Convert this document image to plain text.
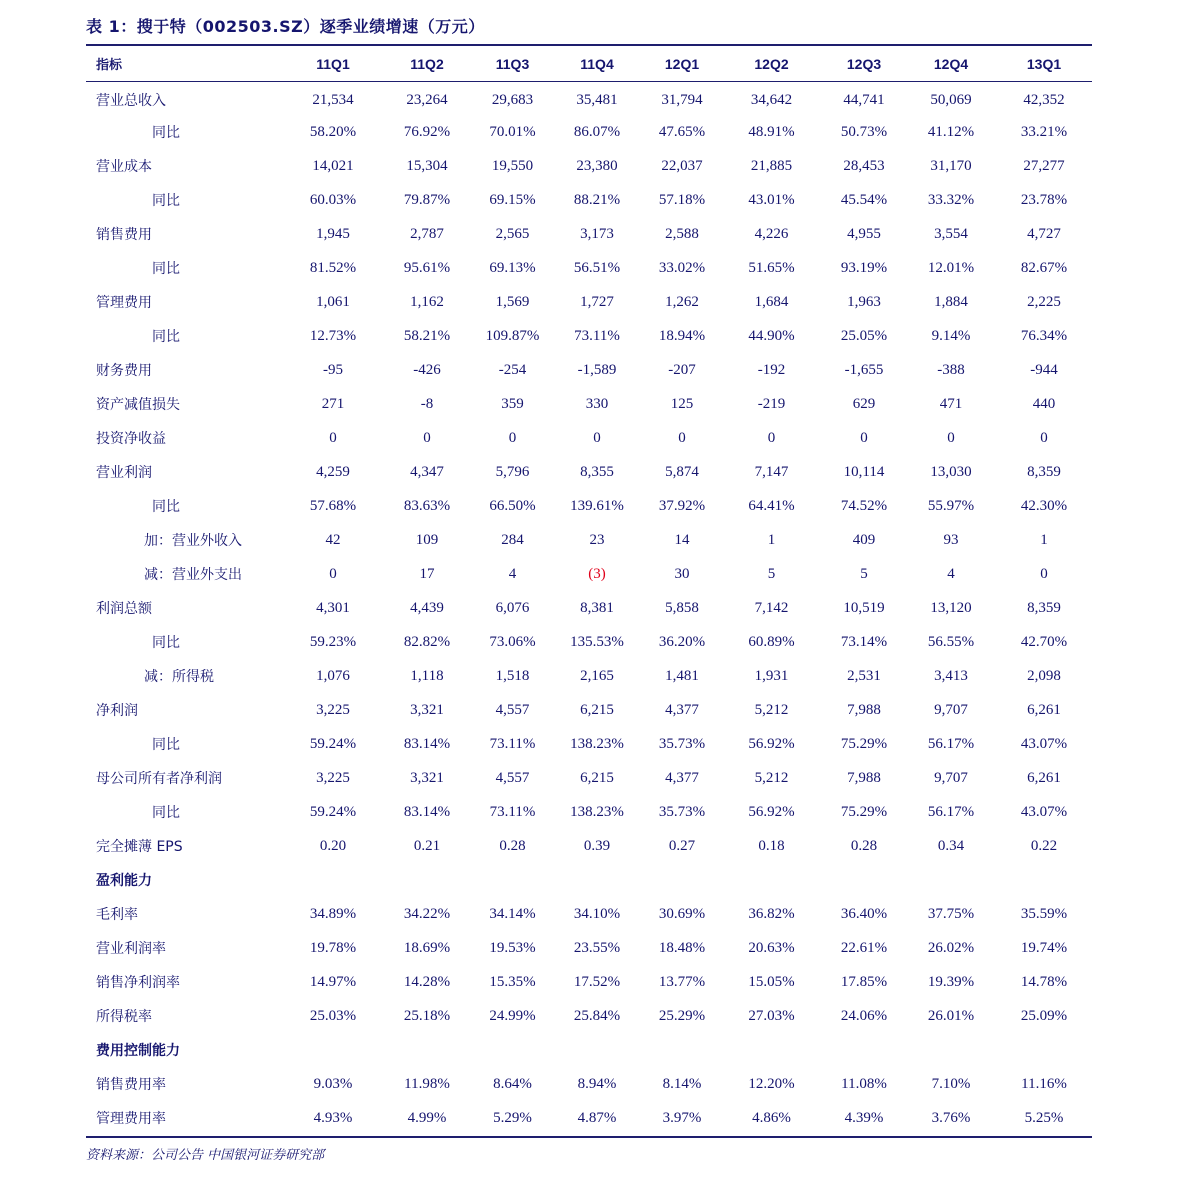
表 1：搜于特（002503.SZ）逐季业绩增速（万元）
指标	11Q1	11Q2	11Q3	11Q4	12Q1	12Q2	12Q3	12Q4	13Q1
营业总收入	21,534	23,264	29,683	35,481	31,794	34,642	44,741	50,069	42,352
同比	58.20%	76.92%	70.01%	86.07%	47.65%	48.91%	50.73%	41.12%	33.21%
营业成本	14,021	15,304	19,550	23,380	22,037	21,885	28,453	31,170	27,277
同比	60.03%	79.87%	69.15%	88.21%	57.18%	43.01%	45.54%	33.32%	23.78%
销售费用	1,945	2,787	2,565	3,173	2,588	4,226	4,955	3,554	4,727
同比	81.52%	95.61%	69.13%	56.51%	33.02%	51.65%	93.19%	12.01%	82.67%
管理费用	1,061	1,162	1,569	1,727	1,262	1,684	1,963	1,884	2,225
同比	12.73%	58.21%	109.87%	73.11%	18.94%	44.90%	25.05%	9.14%	76.34%
财务费用	-95	-426	-254	-1,589	-207	-192	-1,655	-388	-944
资产减值损失	271	-8	359	330	125	-219	629	471	440
投资净收益	0	0	0	0	0	0	0	0	0
营业利润	4,259	4,347	5,796	8,355	5,874	7,147	10,114	13,030	8,359
同比	57.68%	83.63%	66.50%	139.61%	37.92%	64.41%	74.52%	55.97%	42.30%
加：营业外收入	42	109	284	23	14	1	409	93	1
减：营业外支出	0	17	4	(3)	30	5	5	4	0
利润总额	4,301	4,439	6,076	8,381	5,858	7,142	10,519	13,120	8,359
同比	59.23%	82.82%	73.06%	135.53%	36.20%	60.89%	73.14%	56.55%	42.70%
减：所得税	1,076	1,118	1,518	2,165	1,481	1,931	2,531	3,413	2,098
净利润	3,225	3,321	4,557	6,215	4,377	5,212	7,988	9,707	6,261
同比	59.24%	83.14%	73.11%	138.23%	35.73%	56.92%	75.29%	56.17%	43.07%
母公司所有者净利润	3,225	3,321	4,557	6,215	4,377	5,212	7,988	9,707	6,261
同比	59.24%	83.14%	73.11%	138.23%	35.73%	56.92%	75.29%	56.17%	43.07%
完全摊薄 EPS	0.20	0.21	0.28	0.39	0.27	0.18	0.28	0.34	0.22
盈利能力									
毛利率	34.89%	34.22%	34.14%	34.10%	30.69%	36.82%	36.40%	37.75%	35.59%
营业利润率	19.78%	18.69%	19.53%	23.55%	18.48%	20.63%	22.61%	26.02%	19.74%
销售净利润率	14.97%	14.28%	15.35%	17.52%	13.77%	15.05%	17.85%	19.39%	14.78%
所得税率	25.03%	25.18%	24.99%	25.84%	25.29%	27.03%	24.06%	26.01%	25.09%
费用控制能力									
销售费用率	9.03%	11.98%	8.64%	8.94%	8.14%	12.20%	11.08%	7.10%	11.16%
管理费用率	4.93%	4.99%	5.29%	4.87%	3.97%	4.86%	4.39%	3.76%	5.25%
资料来源：公司公告 中国银河证券研究部
